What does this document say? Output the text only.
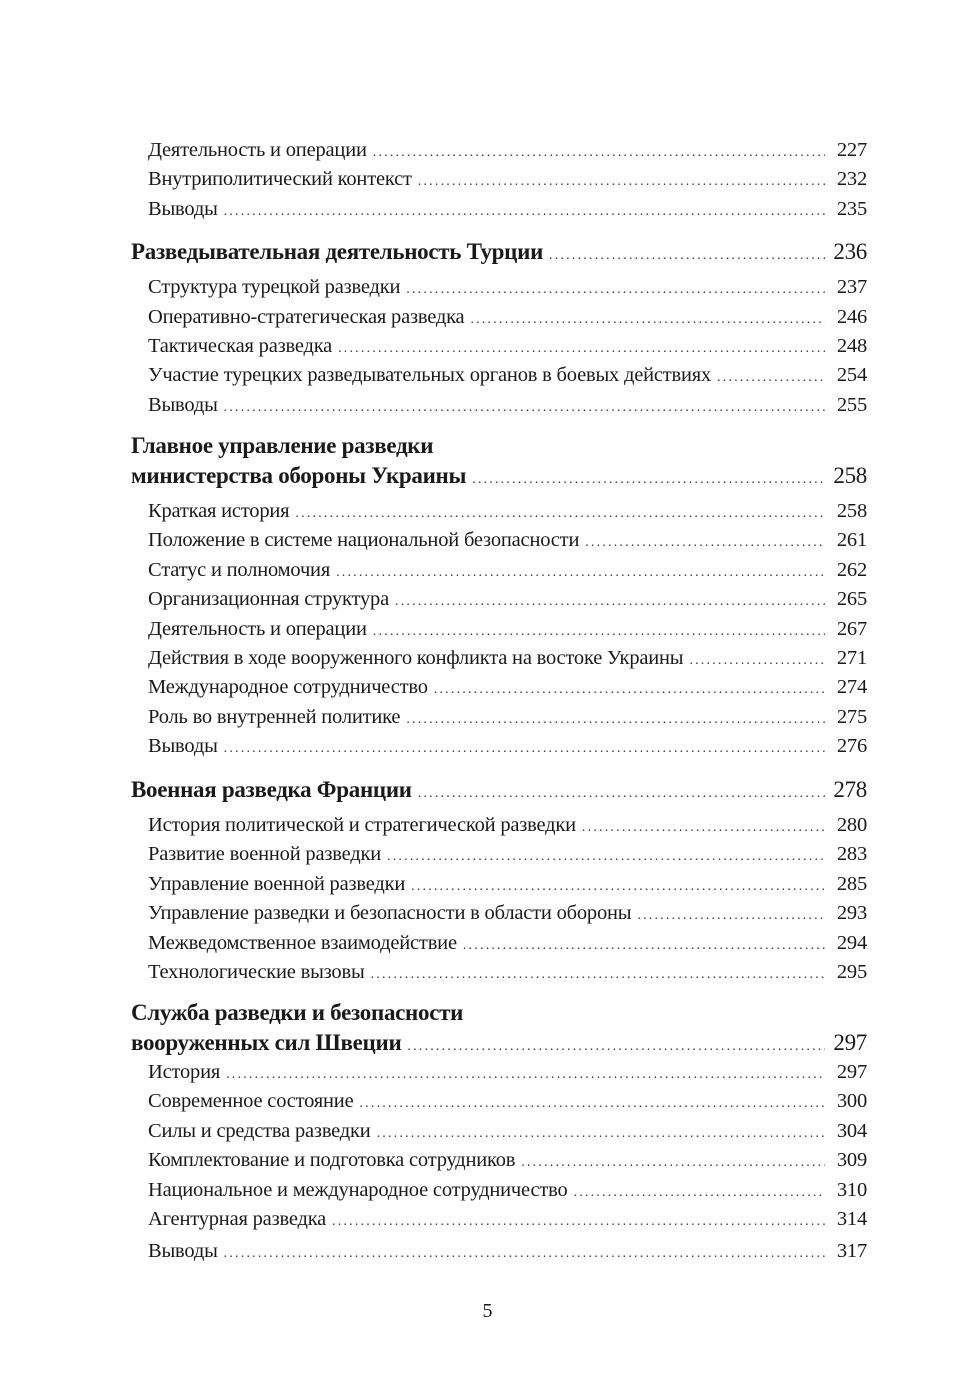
Деятельность и операции .....	227
Внутриполитический контекст .....	232
Выводы .....	235
Разведывательная деятельность Турции .....	236
Структура турецкой разведки .....	237
Оперативно-стратегическая разведка .....	246
Тактическая разведка .....	248
Участие турецких разведывательных органов в боевых действиях .....	254
Выводы .....	255
Главное управление разведки
министерства обороны Украины .....	258
Краткая история .....	258
Положение в системе национальной безопасности .....	261
Статус и полномочия .....	262
Организационная структура .....	265
Деятельность и операции .....	267
Действия в ходе вооруженного конфликта на востоке Украины .....	271
Международное сотрудничество .....	274
Роль во внутренней политике .....	275
Выводы .....	276
Военная разведка Франции .....	278
История политической и стратегической разведки .....	280
Развитие военной разведки .....	283
Управление военной разведки .....	285
Управление разведки и безопасности в области обороны .....	293
Межведомственное взаимодействие .....	294
Технологические вызовы .....	295
Служба разведки и безопасности
вооруженных сил Швеции .....	297
История .....	297
Современное состояние .....	300
Силы и средства разведки .....	304
Комплектование и подготовка сотрудников .....	309
Национальное и международное сотрудничество .....	310
Агентурная разведка .....	314
Выводы .....	317
5
